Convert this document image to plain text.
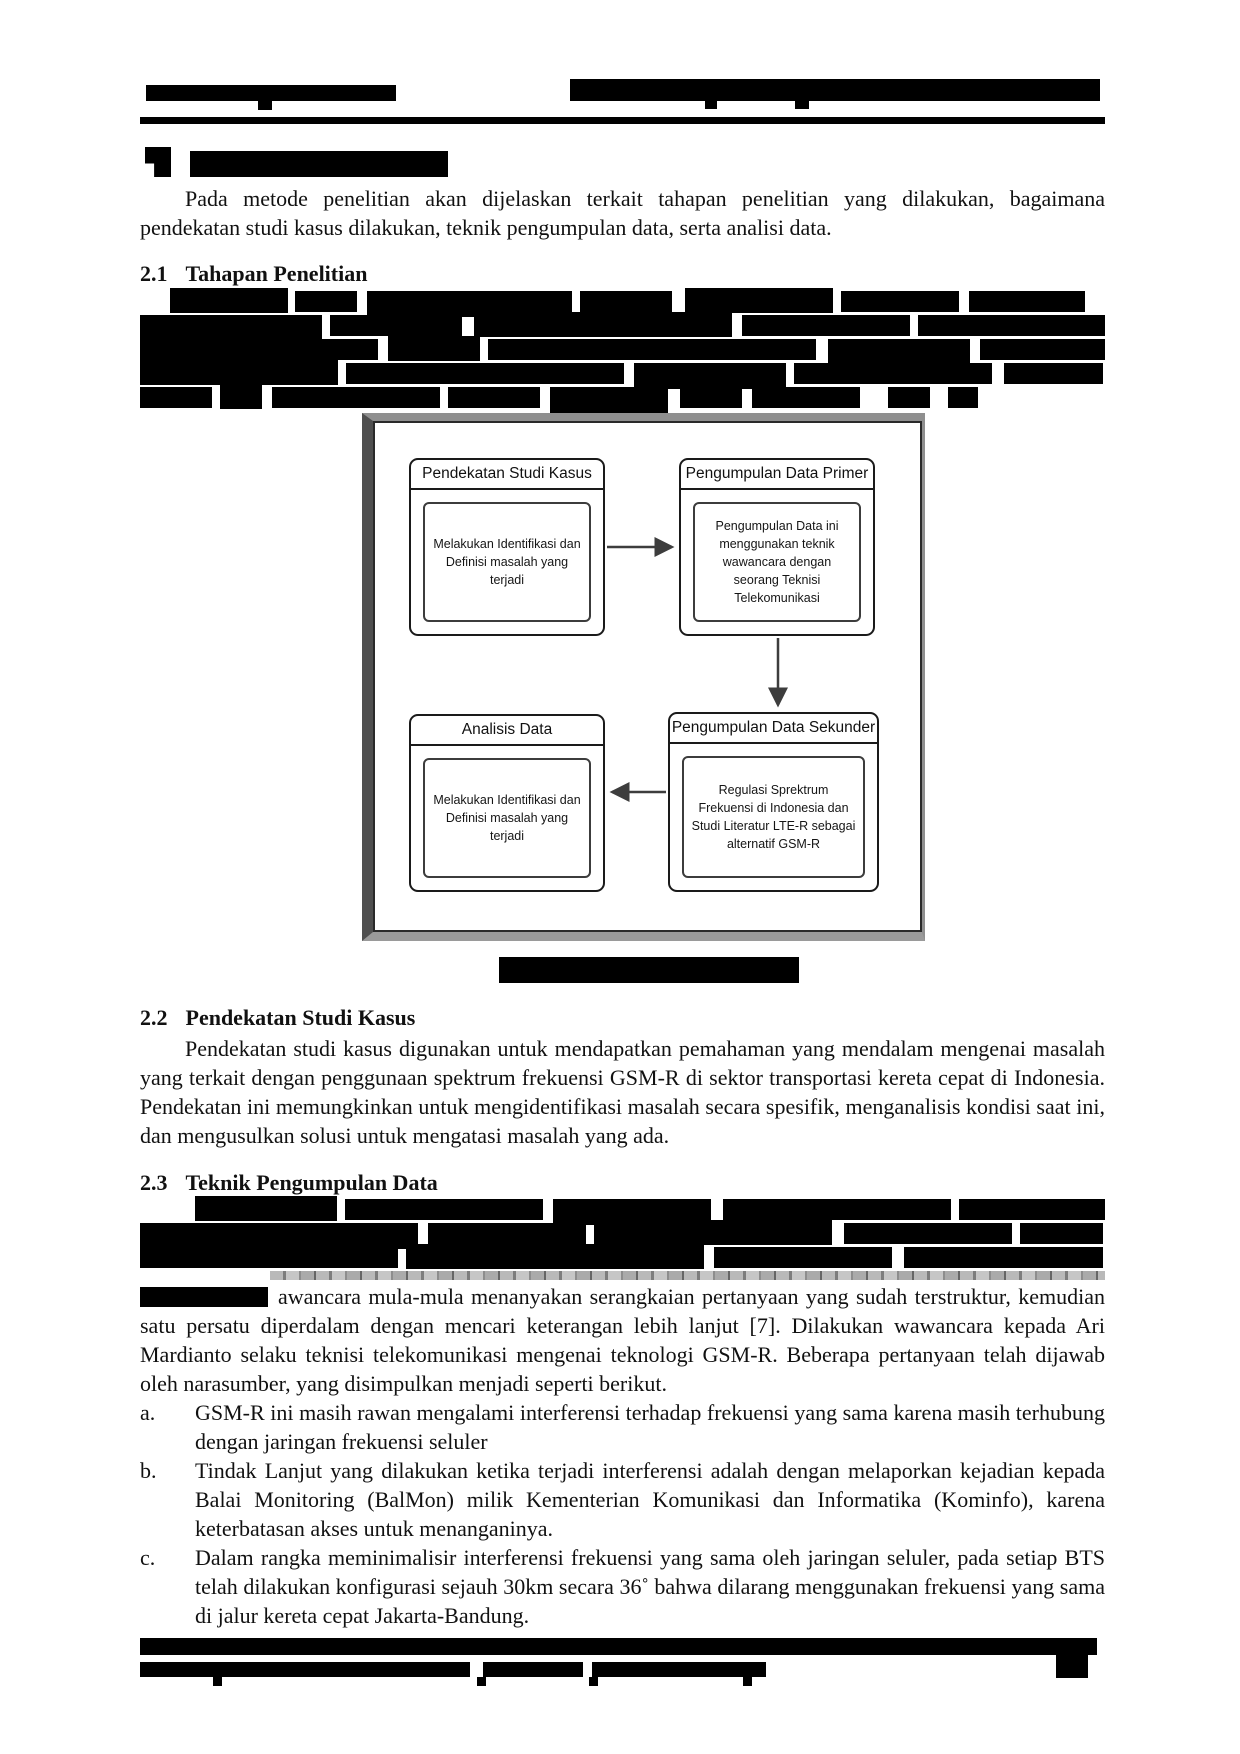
Pada metode penelitian akan dijelaskan terkait tahapan penelitian yang dilakukan, bagaimana pendekatan studi kasus dilakukan, teknik pengumpulan data, serta analisi data.

2.1 Tahapan Penelitian
Pendekatan Studi Kasus
Melakukan Identifikasi dan Definisi masalah yang terjadi
Pengumpulan Data Primer
Pengumpulan Data ini menggunakan teknik wawancara dengan seorang Teknisi Telekomunikasi
Analisis Data
Melakukan Identifikasi dan Definisi masalah yang terjadi
Pengumpulan Data Sekunder
Regulasi Sprektrum Frekuensi di Indonesia dan Studi Literatur LTE-R sebagai alternatif GSM-R
2.2 Pendekatan Studi Kasus

Pendekatan studi kasus digunakan untuk mendapatkan pemahaman yang mendalam mengenai masalah yang terkait dengan penggunaan spektrum frekuensi GSM-R di sektor transportasi kereta cepat di Indonesia. Pendekatan ini memungkinkan untuk mengidentifikasi masalah secara spesifik, menganalisis kondisi saat ini, dan mengusulkan solusi untuk mengatasi masalah yang ada.

2.3 Teknik Pengumpulan Data

awancara mula-mula menanyakan serangkaian pertanyaan yang sudah terstruktur, kemudian satu persatu diperdalam dengan mencari keterangan lebih lanjut [7]. Dilakukan wawancara kepada Ari Mardianto selaku teknisi telekomunikasi mengenai teknologi GSM-R. Beberapa pertanyaan telah dijawab oleh narasumber, yang disimpulkan menjadi seperti berikut.

a.	GSM-R ini masih rawan mengalami interferensi terhadap frekuensi yang sama karena masih terhubung dengan jaringan frekuensi seluler
b.	Tindak Lanjut yang dilakukan ketika terjadi interferensi adalah dengan melaporkan kejadian kepada Balai Monitoring (BalMon) milik Kementerian Komunikasi dan Informatika (Kominfo), karena keterbatasan akses untuk menanganinya.
c.	Dalam rangka meminimalisir interferensi frekuensi yang sama oleh jaringan seluler, pada setiap BTS telah dilakukan konfigurasi sejauh 30km secara 36˚ bahwa dilarang menggunakan frekuensi yang sama di jalur kereta cepat Jakarta-Bandung.
